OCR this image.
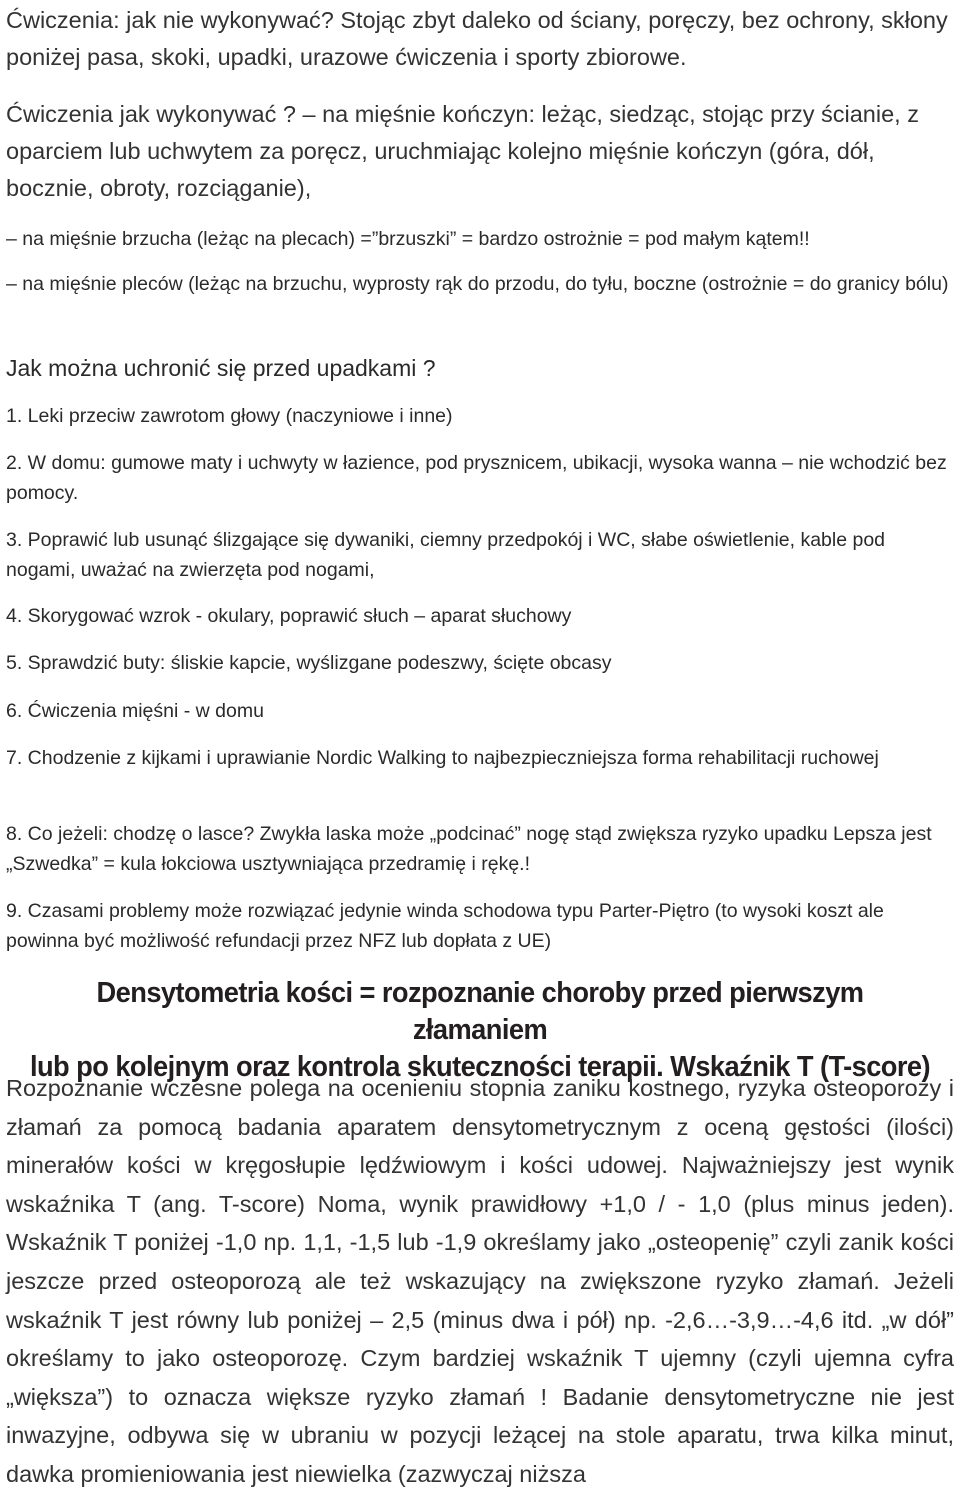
Ćwiczenia: jak nie wykonywać? Stojąc zbyt daleko od ściany, poręczy, bez ochrony, skłony poniżej pasa, skoki, upadki, urazowe ćwiczenia i sporty zbiorowe.

Ćwiczenia jak wykonywać ? – na mięśnie kończyn: leżąc, siedząc, stojąc przy ścianie, z oparciem lub uchwytem za poręcz, uruchmiając kolejno mięśnie kończyn (góra, dół, bocznie, obroty, rozciąganie),

– na mięśnie brzucha (leżąc na plecach) =”brzuszki” = bardzo ostrożnie = pod małym kątem!!

– na mięśnie pleców (leżąc na brzuchu, wyprosty rąk do przodu, do tyłu, boczne (ostrożnie = do granicy bólu)

Jak można uchronić się przed upadkami ?

1. Leki przeciw zawrotom głowy (naczyniowe i inne)

2. W domu: gumowe maty i uchwyty w łazience, pod prysznicem, ubikacji, wysoka wanna – nie wchodzić bez pomocy.

3. Poprawić lub usunąć ślizgające się dywaniki, ciemny przedpokój i WC, słabe oświetlenie, kable pod nogami, uważać na zwierzęta pod nogami,

4. Skorygować wzrok - okulary, poprawić słuch – aparat słuchowy

5. Sprawdzić buty: śliskie kapcie, wyślizgane podeszwy, ścięte obcasy

6. Ćwiczenia mięśni - w domu

7. Chodzenie z kijkami i uprawianie Nordic Walking to najbezpieczniejsza forma rehabilitacji ruchowej

8. Co jeżeli: chodzę o lasce? Zwykła laska może „podcinać” nogę stąd zwiększa ryzyko upadku Lepsza jest „Szwedka” = kula łokciowa usztywniająca przedramię i rękę.!

9. Czasami problemy może rozwiązać jedynie winda schodowa typu Parter-Piętro (to wysoki koszt ale powinna być możliwość refundacji przez NFZ lub dopłata z UE)

Densytometria kości = rozpoznanie choroby przed pierwszym złamaniem
lub po kolejnym oraz kontrola skuteczności terapii. Wskaźnik T (T-score)

Rozpoznanie wczesne polega na ocenieniu stopnia zaniku kostnego, ryzyka osteoporozy i złamań za pomocą badania aparatem densytometrycznym z oceną gęstości (ilości) minerałów kości w kręgosłupie lędźwiowym i kości udowej. Najważniejszy jest wynik wskaźnika T (ang. T-score) Noma, wynik prawidłowy +1,0 / - 1,0 (plus minus jeden). Wskaźnik T poniżej -1,0 np. 1,1, -1,5 lub -1,9 określamy jako „osteopenię” czyli zanik kości jeszcze przed osteoporozą ale też wskazujący na zwiększone ryzyko złamań. Jeżeli wskaźnik T jest równy lub poniżej – 2,5 (minus dwa i pół) np. -2,6…-3,9…-4,6 itd. „w dół” określamy to jako osteoporozę. Czym bardziej wskaźnik T ujemny (czyli ujemna cyfra „większa”) to oznacza większe ryzyko złamań ! Badanie densytometryczne nie jest inwazyjne, odbywa się w ubraniu w pozycji leżącej na stole aparatu, trwa kilka minut, dawka promieniowania jest niewielka (zazwyczaj niższa
